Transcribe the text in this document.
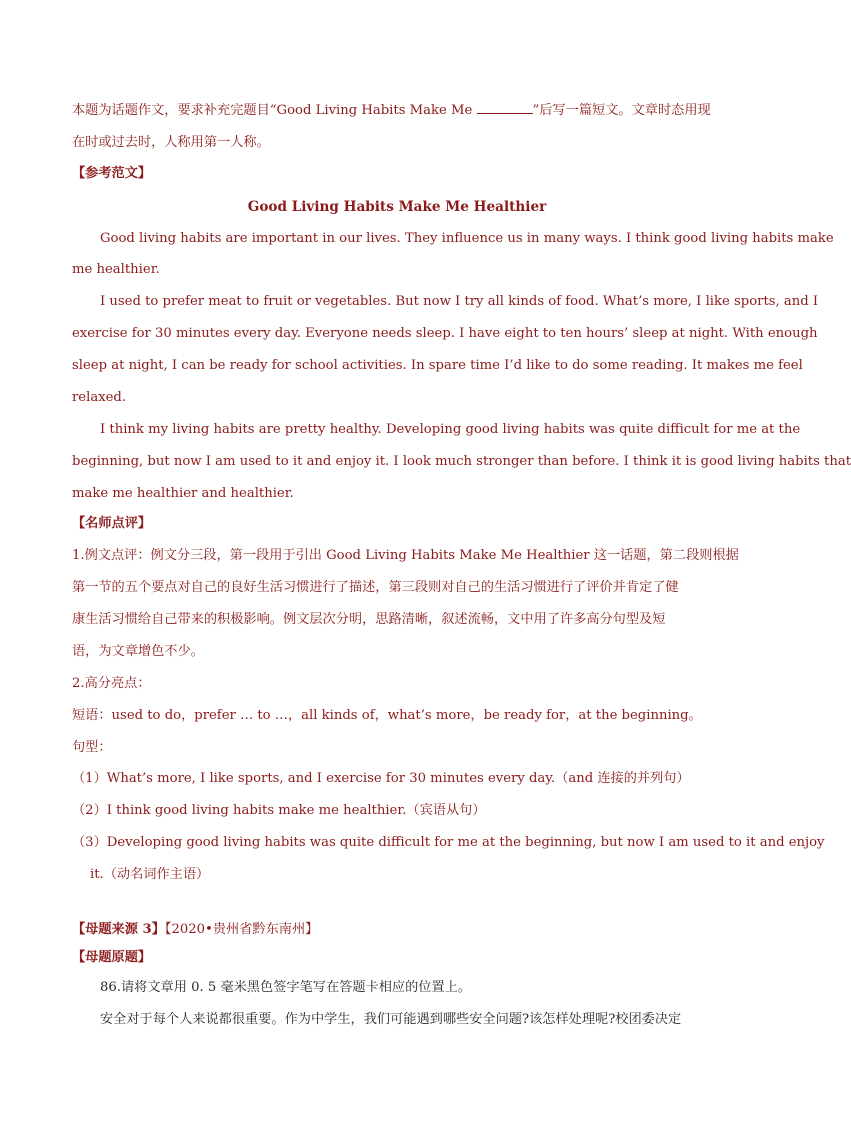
本题为话题作文，要求补充完题目“Good Living Habits Make Me	”后写一篇短文。文章时态用现

在时或过去时，人称用第一人称。

【参考范文】

Good Living Habits Make Me Healthier

Good living habits are important in our lives. They influence us in many ways. I think good living habits make

me healthier.

I used to prefer meat to fruit or vegetables. But now I try all kinds of food. What’s more, I like sports, and I

exercise for 30 minutes every day. Everyone needs sleep. I have eight to ten hours’ sleep at night. With enough

sleep at night, I can be ready for school activities. In spare time I’d like to do some reading. It makes me feel

relaxed.

I think my living habits are pretty healthy. Developing good living habits was quite difficult for me at the

beginning, but now I am used to it and enjoy it. I look much stronger than before. I think it is good living habits that

make me healthier and healthier.

【名师点评】

1.例文点评：例文分三段，第一段用于引出 Good Living Habits Make Me Healthier 这一话题，第二段则根据

第一节的五个要点对自己的良好生活习惯进行了描述，第三段则对自己的生活习惯进行了评价并肯定了健

康生活习惯给自己带来的积极影响。例文层次分明，思路清晰，叙述流畅，文中用了许多高分句型及短

语，为文章增色不少。

2.高分亮点：

短语：used to do，prefer … to …，all kinds of，what’s more，be ready for，at the beginning。

句型：

（1）What’s more, I like sports, and I exercise for 30 minutes every day.（and 连接的并列句）

（2）I think good living habits make me healthier.（宾语从句）

（3）Developing good living habits was quite difficult for me at the beginning, but now I am used to it and enjoy

it.（动名词作主语）

【母题来源 3】【2020•贵州省黔东南州】

【母题原题】

86.请将文章用 0. 5 毫米黑色签字笔写在答题卡相应的位置上。

安全对于每个人来说都很重要。作为中学生，我们可能遇到哪些安全问题?该怎样处理呢?校团委决定
